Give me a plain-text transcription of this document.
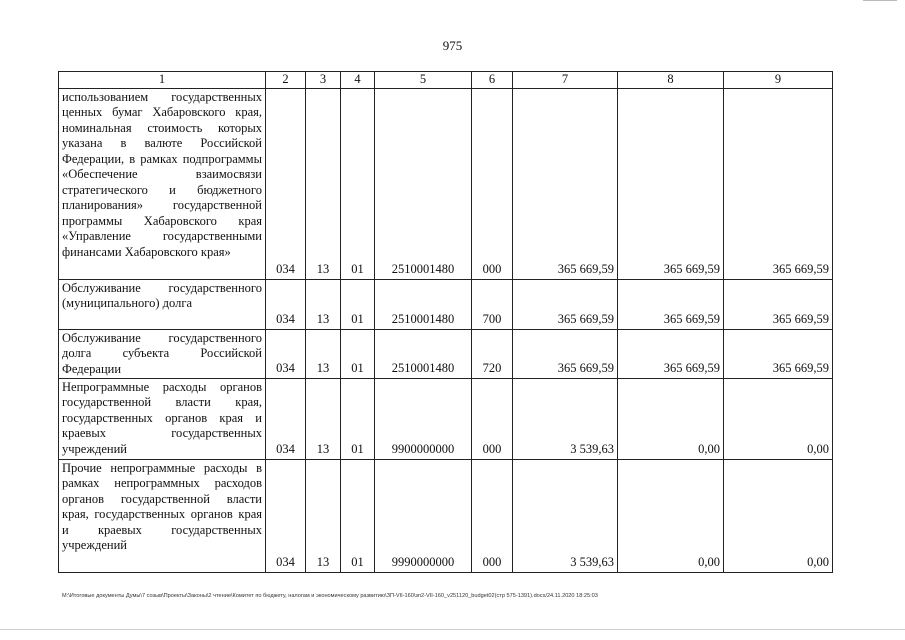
975
1	2	3	4	5	6	7	8	9
использованием государственных ценных бумаг Хабаровского края, номинальная стоимость которых указана в валюте Российской Федерации, в рамках подпрограммы «Обеспечение взаимосвязи стратегического и бюджетного планирования» государственной программы Хабаровского края «Управление государственными финансами Хабаровского края»	034	13	01	2510001480	000	365 669,59	365 669,59	365 669,59

Обслуживание государственного (муниципального) долга	034	13	01	2510001480	700	365 669,59	365 669,59	365 669,59

Обслуживание государственного долга субъекта Российской Федерации	034	13	01	2510001480	720	365 669,59	365 669,59	365 669,59

Непрограммные расходы органов государственной власти края, государственных органов края и краевых государственных учреждений	034	13	01	9900000000	000	3 539,63	0,00	0,00

Прочие непрограммные расходы в рамках непрограммных расходов органов государственной власти края, государственных органов края и краевых государственных учреждений	034	13	01	9990000000	000	3 539,63	0,00	0,00
M:\Итоговые документы Думы\7 созыв\Проекты\Законы\2 чтение\Комитет по бюджету, налогам и экономическому развитию\ЗП-VII-160\зп2-VII-160_v251120_budget02(стр 575-1391).docx/24.11.2020 18:25:03
